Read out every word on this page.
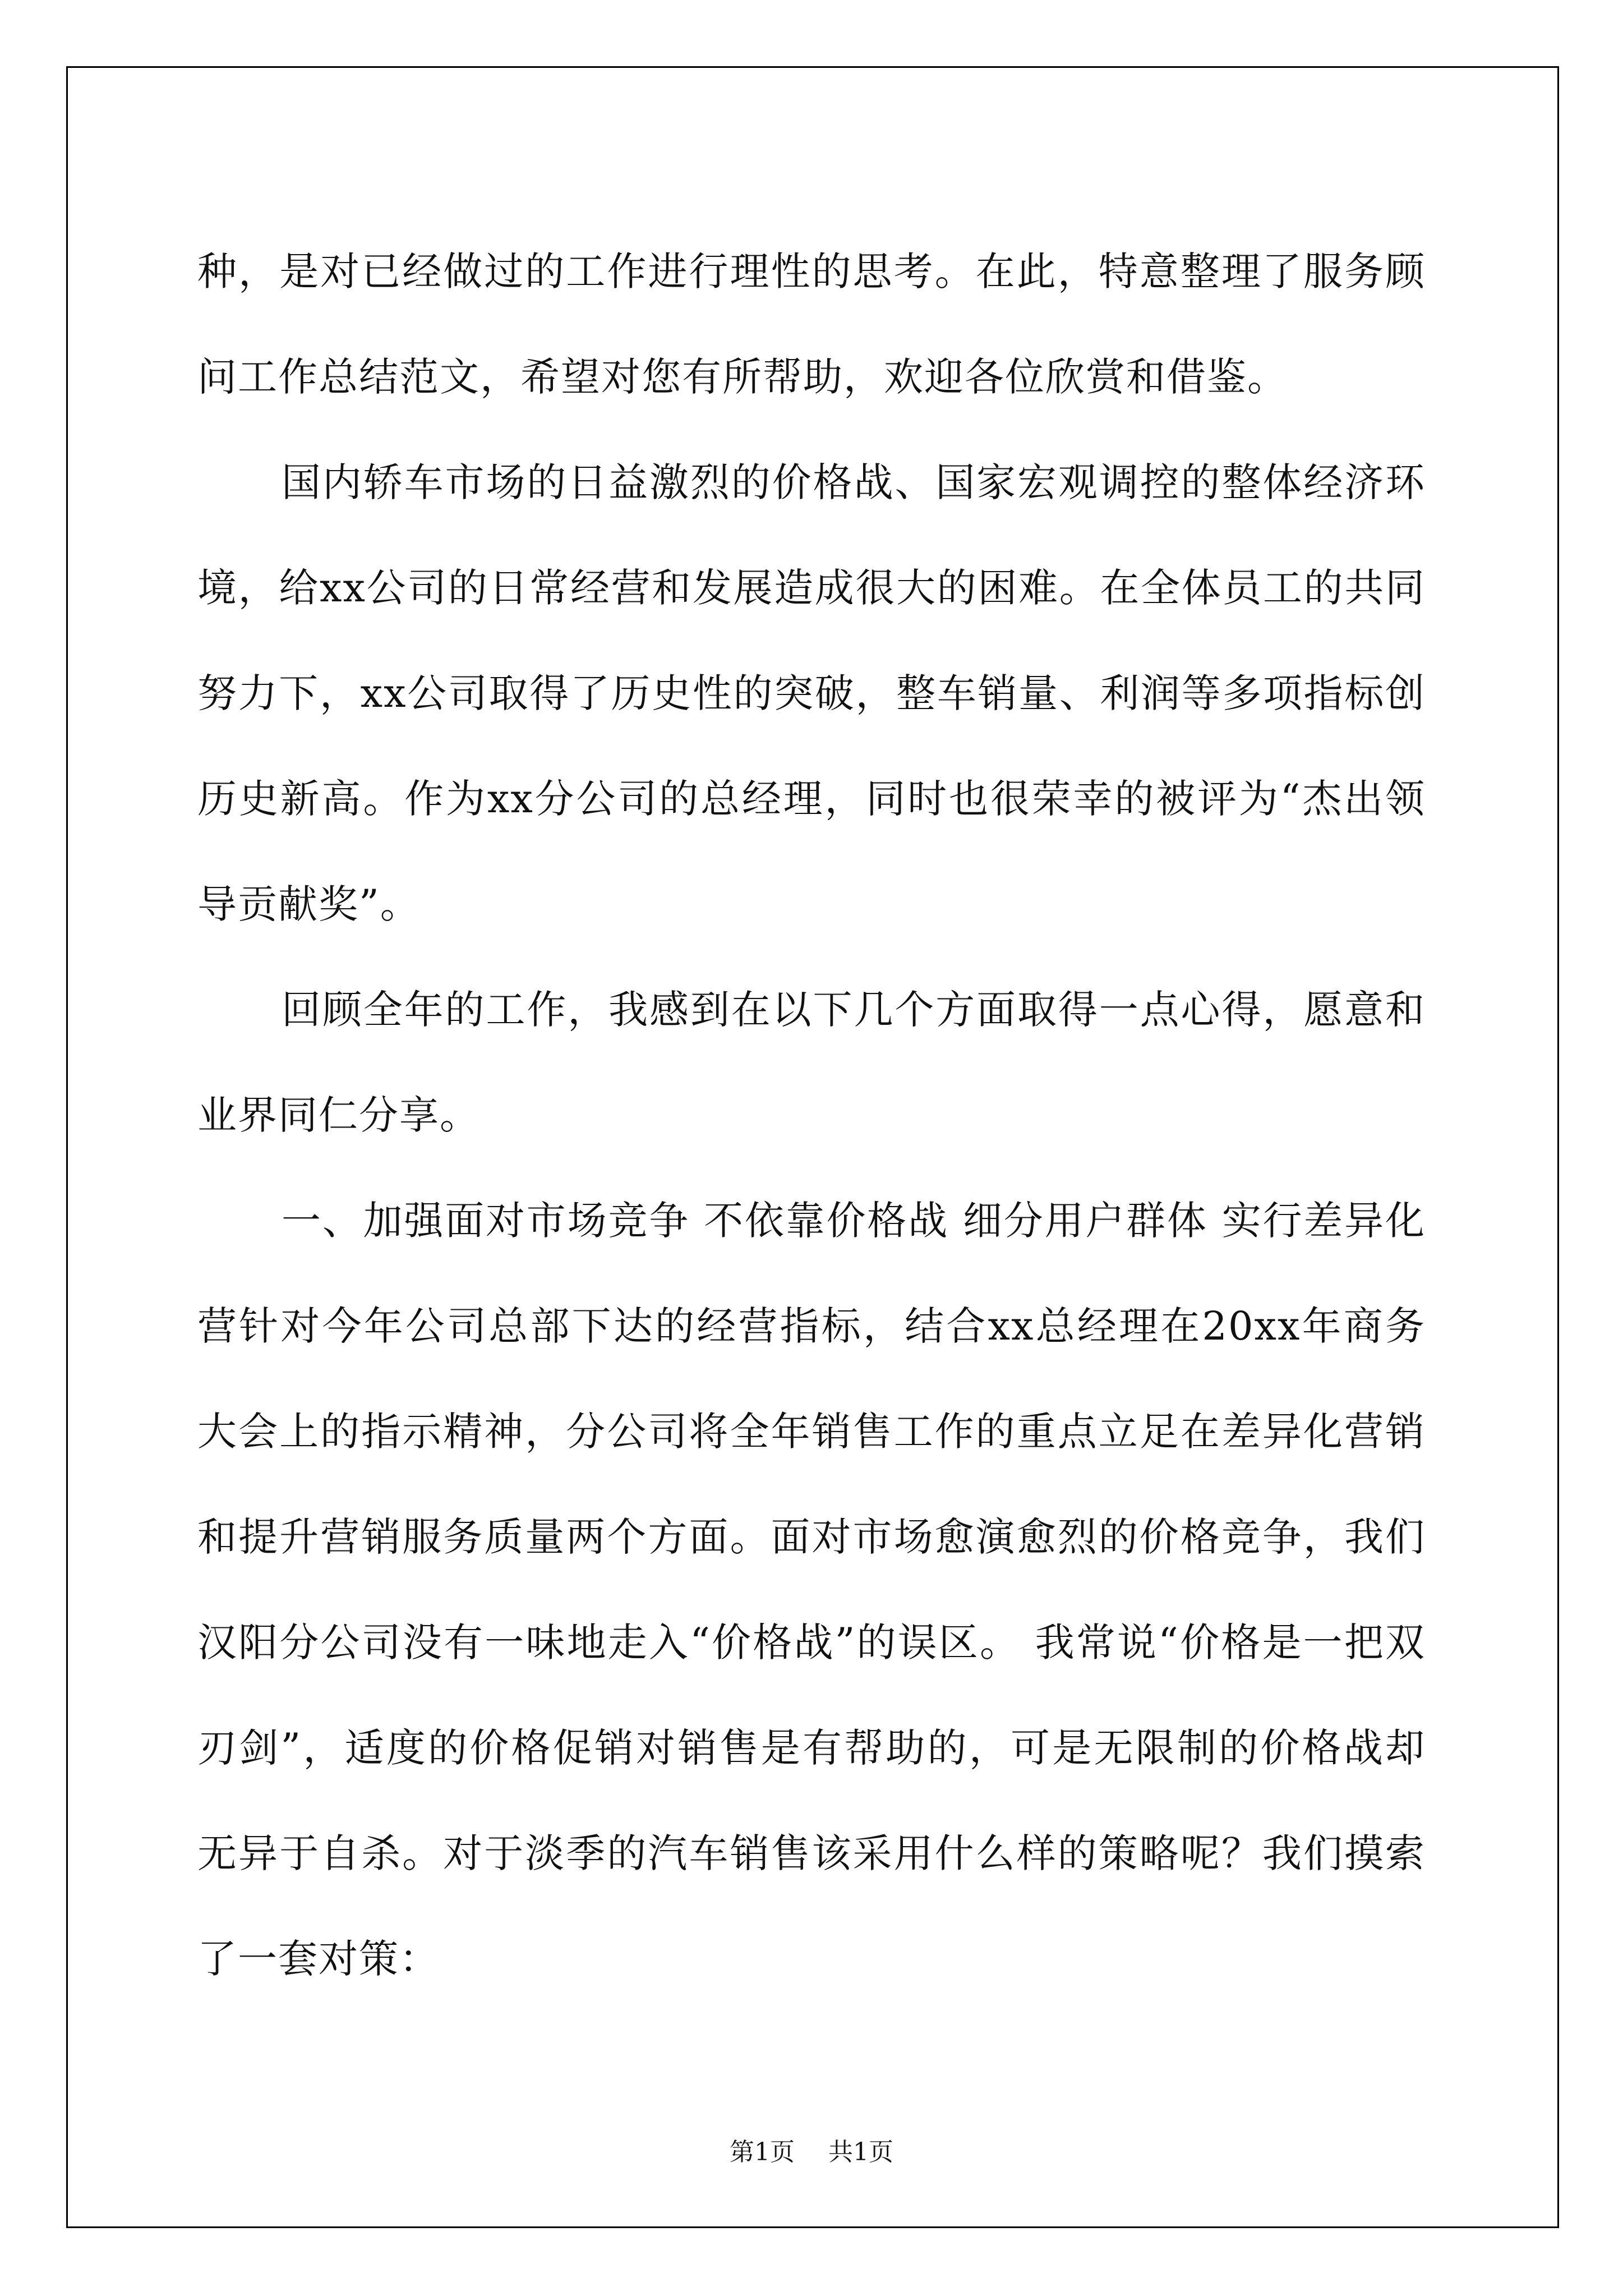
种，是对已经做过的工作进行理性的思考。在此，特意整理了服务顾问工作总结范文，希望对您有所帮助，欢迎各位欣赏和借鉴。

国内轿车市场的日益激烈的价格战、国家宏观调控的整体经济环境，给xx公司的日常经营和发展造成很大的困难。在全体员工的共同努力下，xx公司取得了历史性的突破，整车销量、利润等多项指标创历史新高。作为xx分公司的总经理，同时也很荣幸的被评为“杰出领导贡献奖”。

回顾全年的工作，我感到在以下几个方面取得一点心得，愿意和业界同仁分享。

一、加强面对市场竞争 不依靠价格战 细分用户群体 实行差异化营针对今年公司总部下达的经营指标，结合xx总经理在20xx年商务大会上的指示精神，分公司将全年销售工作的重点立足在差异化营销和提升营销服务质量两个方面。面对市场愈演愈烈的价格竞争，我们汉阳分公司没有一味地走入“价格战”的误区。 我常说“价格是一把双刃剑”，适度的价格促销对销售是有帮助的，可是无限制的价格战却无异于自杀。对于淡季的汽车销售该采用什么样的策略呢？我们摸索了一套对策：

第1页 共1页
